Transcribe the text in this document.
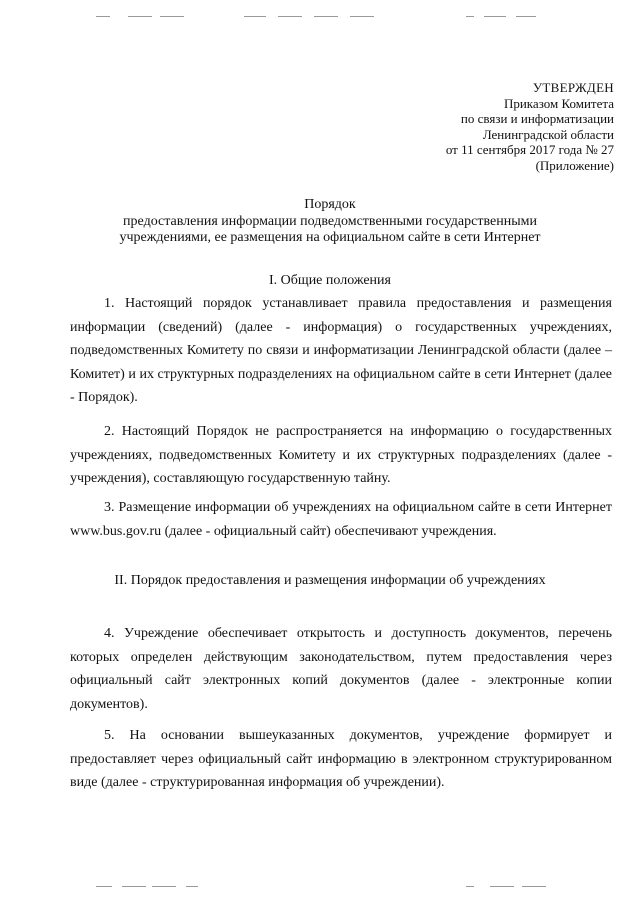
УТВЕРЖДЕН
Приказом Комитета
по связи и информатизации
Ленинградской области
от 11 сентября 2017 года № 27
(Приложение)
Порядок
предоставления информации подведомственными государственными
учреждениями, ее размещения на официальном сайте в сети Интернет
I. Общие положения
1. Настоящий порядок устанавливает правила предоставления и размещения информации (сведений) (далее - информация) о государственных учреждениях, подведомственных Комитету по связи и информатизации Ленинградской области (далее – Комитет) и их структурных подразделениях на официальном сайте в сети Интернет (далее - Порядок).
2. Настоящий Порядок не распространяется на информацию о государственных учреждениях, подведомственных Комитету и их структурных подразделениях (далее - учреждения), составляющую государственную тайну.
3. Размещение информации об учреждениях на официальном сайте в сети Интернет www.bus.gov.ru (далее - официальный сайт) обеспечивают учреждения.
II. Порядок предоставления и размещения информации об учреждениях
4. Учреждение обеспечивает открытость и доступность документов, перечень которых определен действующим законодательством, путем предоставления через официальный сайт электронных копий документов (далее - электронные копии документов).
5. На основании вышеуказанных документов, учреждение формирует и предоставляет через официальный сайт информацию в электронном структурированном виде (далее - структурированная информация об учреждении).
